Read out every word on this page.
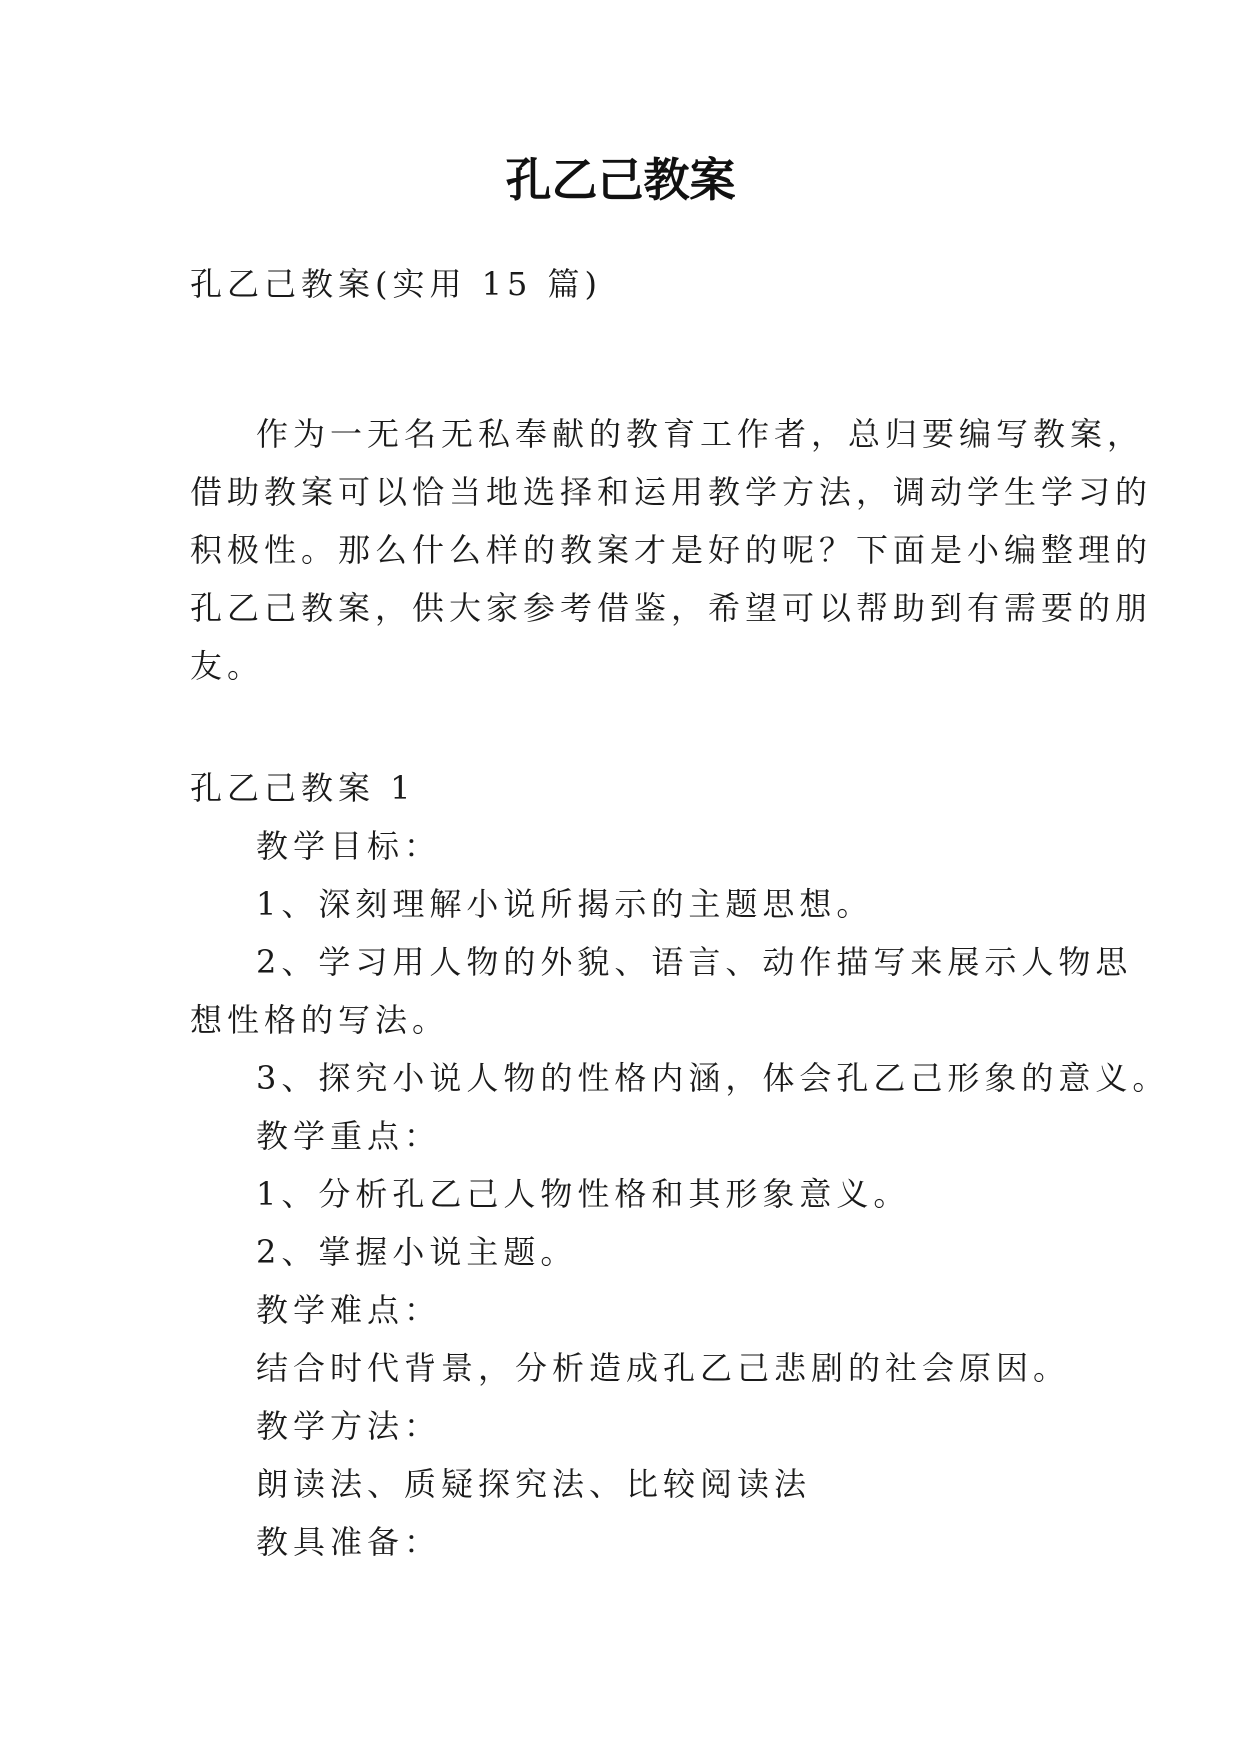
孔乙己教案

孔乙己教案(实用 15 篇)

作为一无名无私奉献的教育工作者，总归要编写教案，

借助教案可以恰当地选择和运用教学方法，调动学生学习的

积极性。那么什么样的教案才是好的呢？下面是小编整理的

孔乙己教案，供大家参考借鉴，希望可以帮助到有需要的朋

友。

孔乙己教案 1

教学目标：

1、深刻理解小说所揭示的主题思想。

2、学习用人物的外貌、语言、动作描写来展示人物思

想性格的写法。

3、探究小说人物的性格内涵，体会孔乙己形象的意义。

教学重点：

1、分析孔乙己人物性格和其形象意义。

2、掌握小说主题。

教学难点：

结合时代背景，分析造成孔乙己悲剧的社会原因。

教学方法：

朗读法、质疑探究法、比较阅读法

教具准备：
